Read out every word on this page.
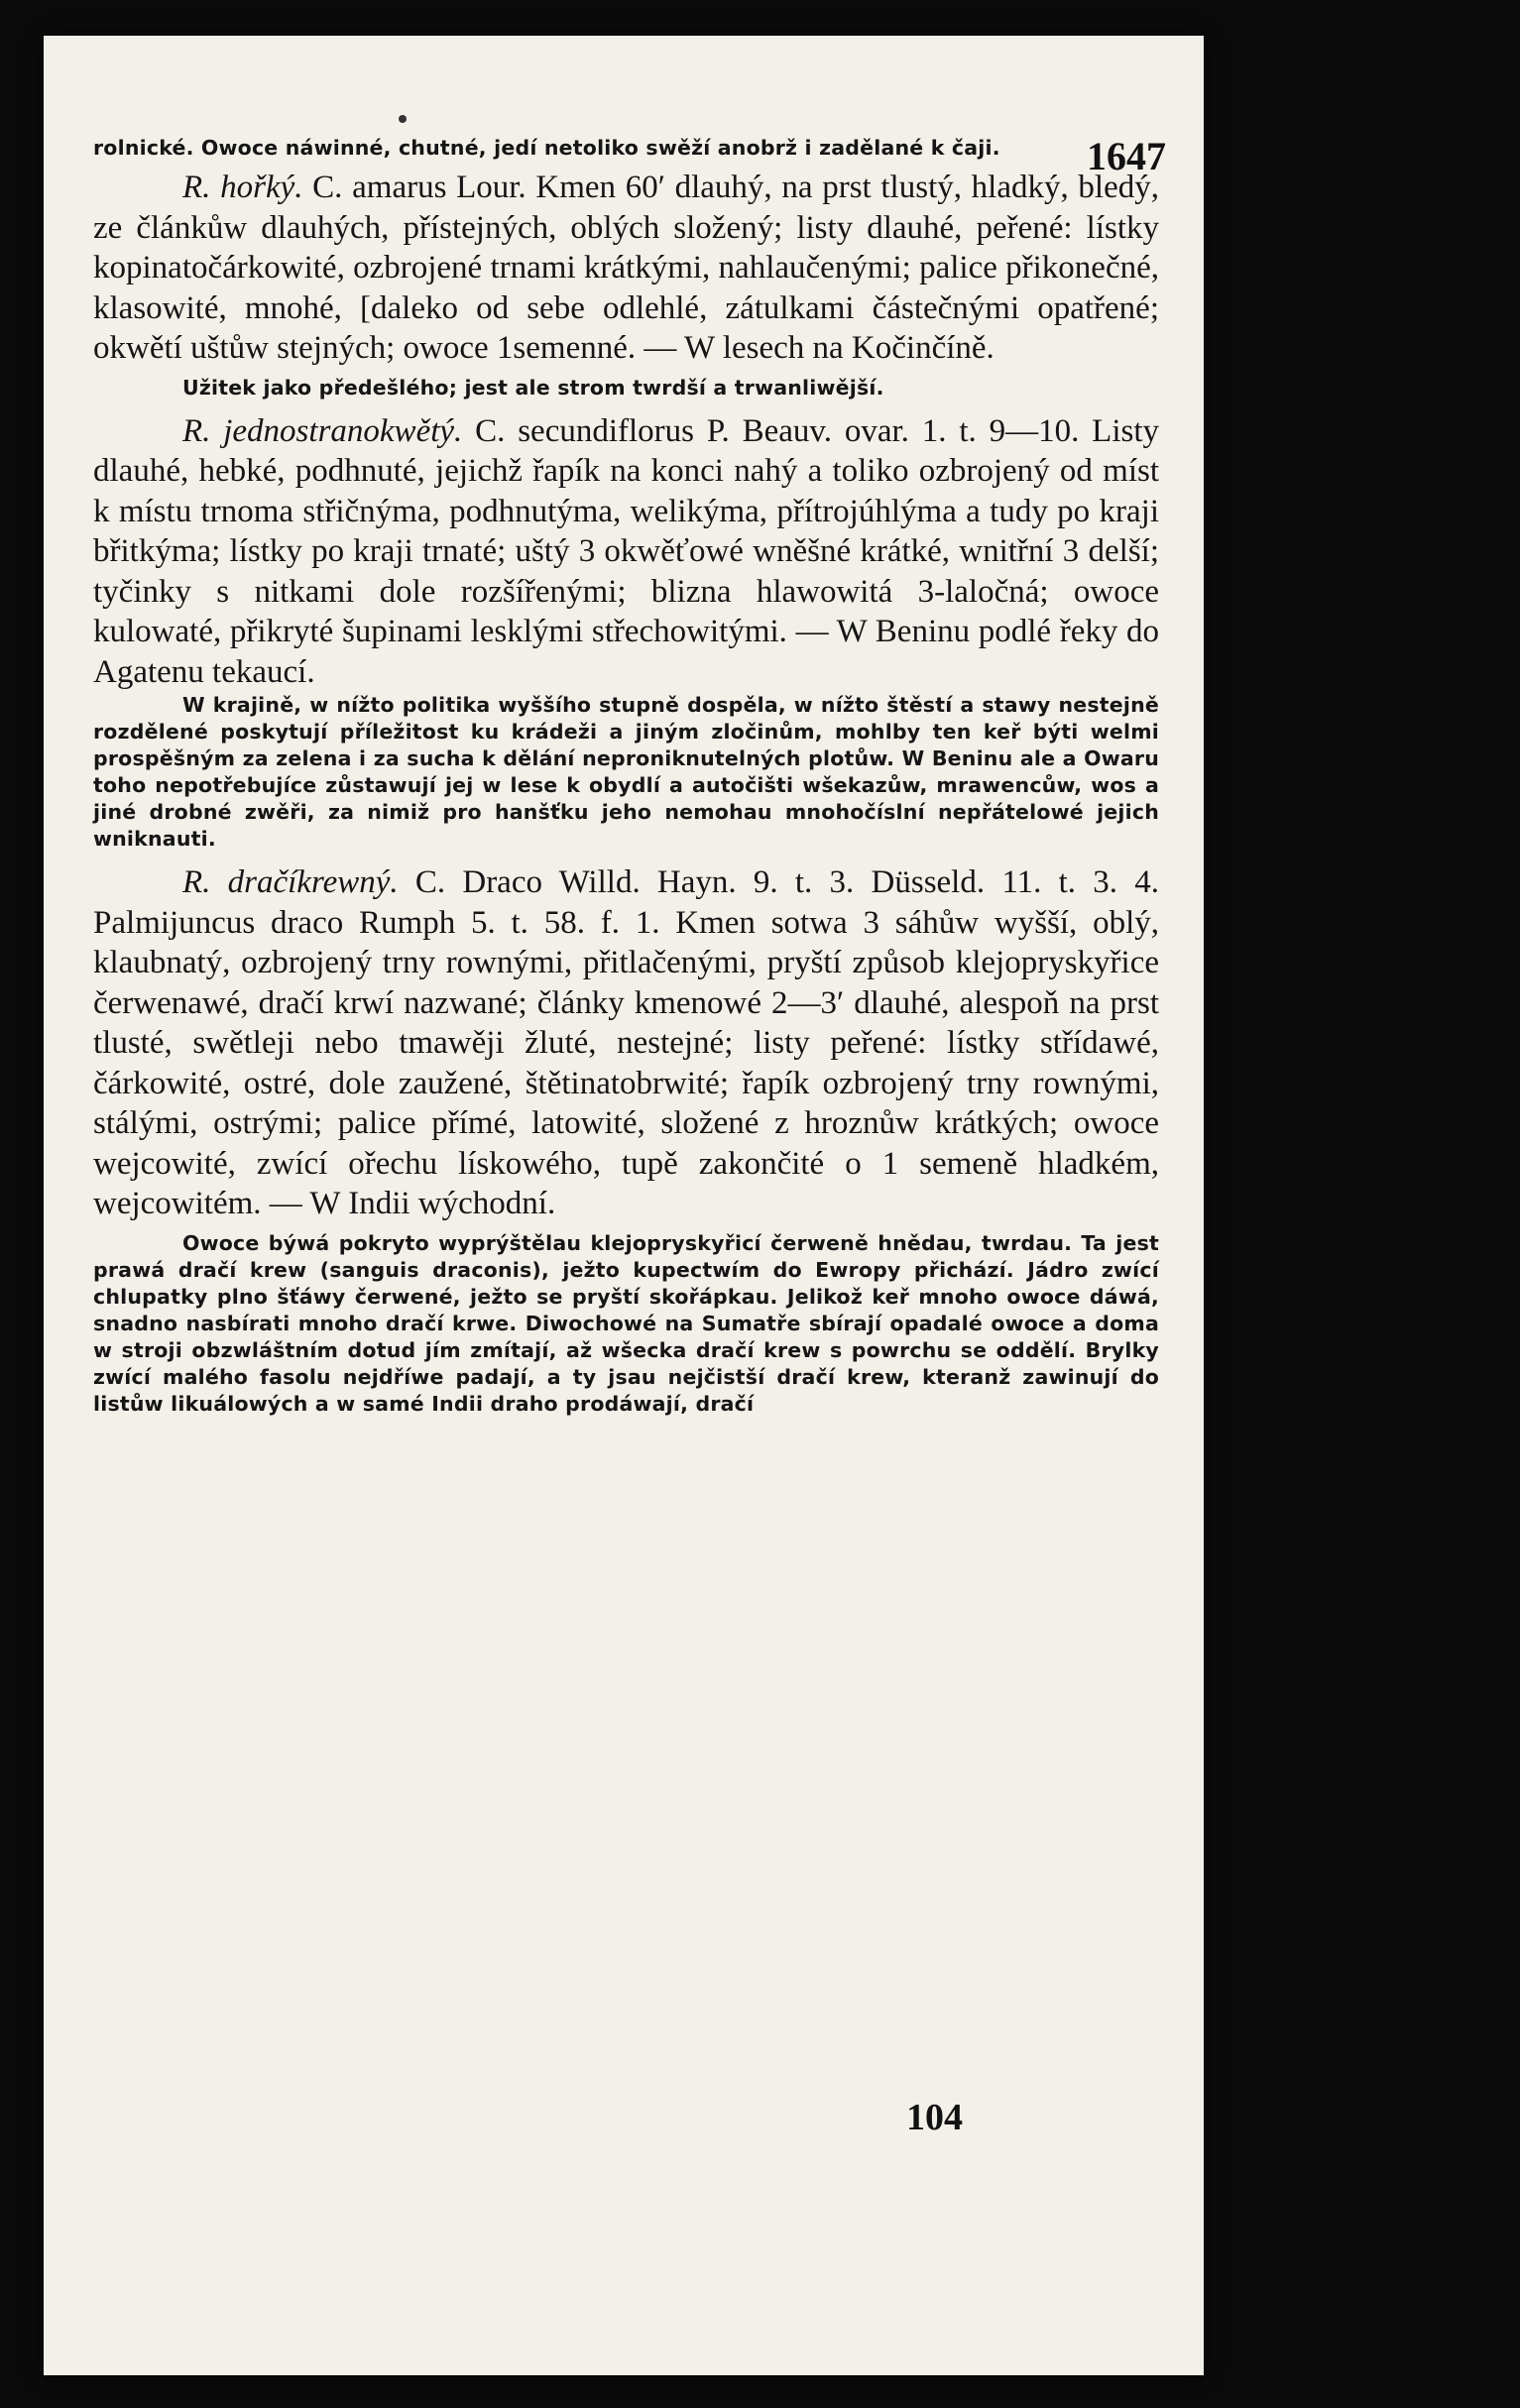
1647

rolnické. Owoce náwinné, chutné, jedí netoliko swěží anobrž i zadělané k čaji.

R. hořký. C. amarus Lour. Kmen 60′ dlauhý, na prst tlustý, hladký, bledý, ze článkůw dlauhých, přístejných, oblých složený; listy dlauhé, peřené: lístky kopinatočárkowité, ozbrojené trnami krátkými, nahlaučenými; palice přikonečné, klasowité, mnohé, [daleko od sebe odlehlé, zátulkami částečnými opatřené; okwětí uštůw stejných; owoce 1semenné. — W lesech na Kočinčíně.

Užitek jako předešlého; jest ale strom twrdší a trwanliwější.

R. jednostranokwětý. C. secundiflorus P. Beauv. ovar. 1. t. 9—10. Listy dlauhé, hebké, podhnuté, jejichž řapík na konci nahý a toliko ozbrojený od míst k místu trnoma střičnýma, podhnutýma, welikýma, přítrojúhlýma a tudy po kraji břitkýma; lístky po kraji trnaté; uštý 3 okwěťowé wněšné krátké, wnitřní 3 delší; tyčinky s nitkami dole rozšířenými; blizna hlawowitá 3-laločná; owoce kulowaté, přikryté šupinami lesklými střechowitými. — W Beninu podlé řeky do Agatenu tekaucí.

W krajině, w nížto politika wyššího stupně dospěla, w nížto štěstí a stawy nestejně rozdělené poskytují příležitost ku krádeži a jiným zločinům, mohlby ten keř býti welmi prospěšným za zelena i za sucha k dělání neproniknutelných plotůw. W Beninu ale a Owaru toho nepotřebujíce zůstawují jej w lese k obydlí a autočišti wšekazůw, mrawencůw, wos a jiné drobné zwěři, za nimiž pro hanšťku jeho nemohau mnohočíslní nepřátelowé jejich wniknauti.

R. dračíkrewný. C. Draco Willd. Hayn. 9. t. 3. Düsseld. 11. t. 3. 4. Palmijuncus draco Rumph 5. t. 58. f. 1. Kmen sotwa 3 sáhůw wyšší, oblý, klaubnatý, ozbrojený trny rownými, přitlačenými, pryští způsob klejopryskyřice čerwenawé, dračí krwí nazwané; články kmenowé 2—3′ dlauhé, alespoň na prst tlusté, swětleji nebo tmawěji žluté, nestejné; listy peřené: lístky střídawé, čárkowité, ostré, dole zaužené, štětinatobrwité; řapík ozbrojený trny rownými, stálými, ostrými; palice přímé, latowité, složené z hroznůw krátkých; owoce wejcowité, zwící ořechu lískowého, tupě zakončité o 1 semeně hladkém, wejcowitém. — W Indii wýchodní.

Owoce býwá pokryto wyprýštělau klejopryskyřicí čerweně hnědau, twrdau. Ta jest prawá dračí krew (sanguis draconis), ježto kupectwím do Ewropy přichází. Jádro zwící chlupatky plno šťáwy čerwené, ježto se pryští skořápkau. Jelikož keř mnoho owoce dáwá, snadno nasbírati mnoho dračí krwe. Diwochowé na Sumatře sbírají opadalé owoce a doma w stroji obzwláštním dotud jím zmítají, až wšecka dračí krew s powrchu se oddělí. Brylky zwící malého fasolu nejdříwe padají, a ty jsau nejčistší dračí krew, kteranž zawinují do listůw likuálowých a w samé Indii draho prodáwají, dračí

104
